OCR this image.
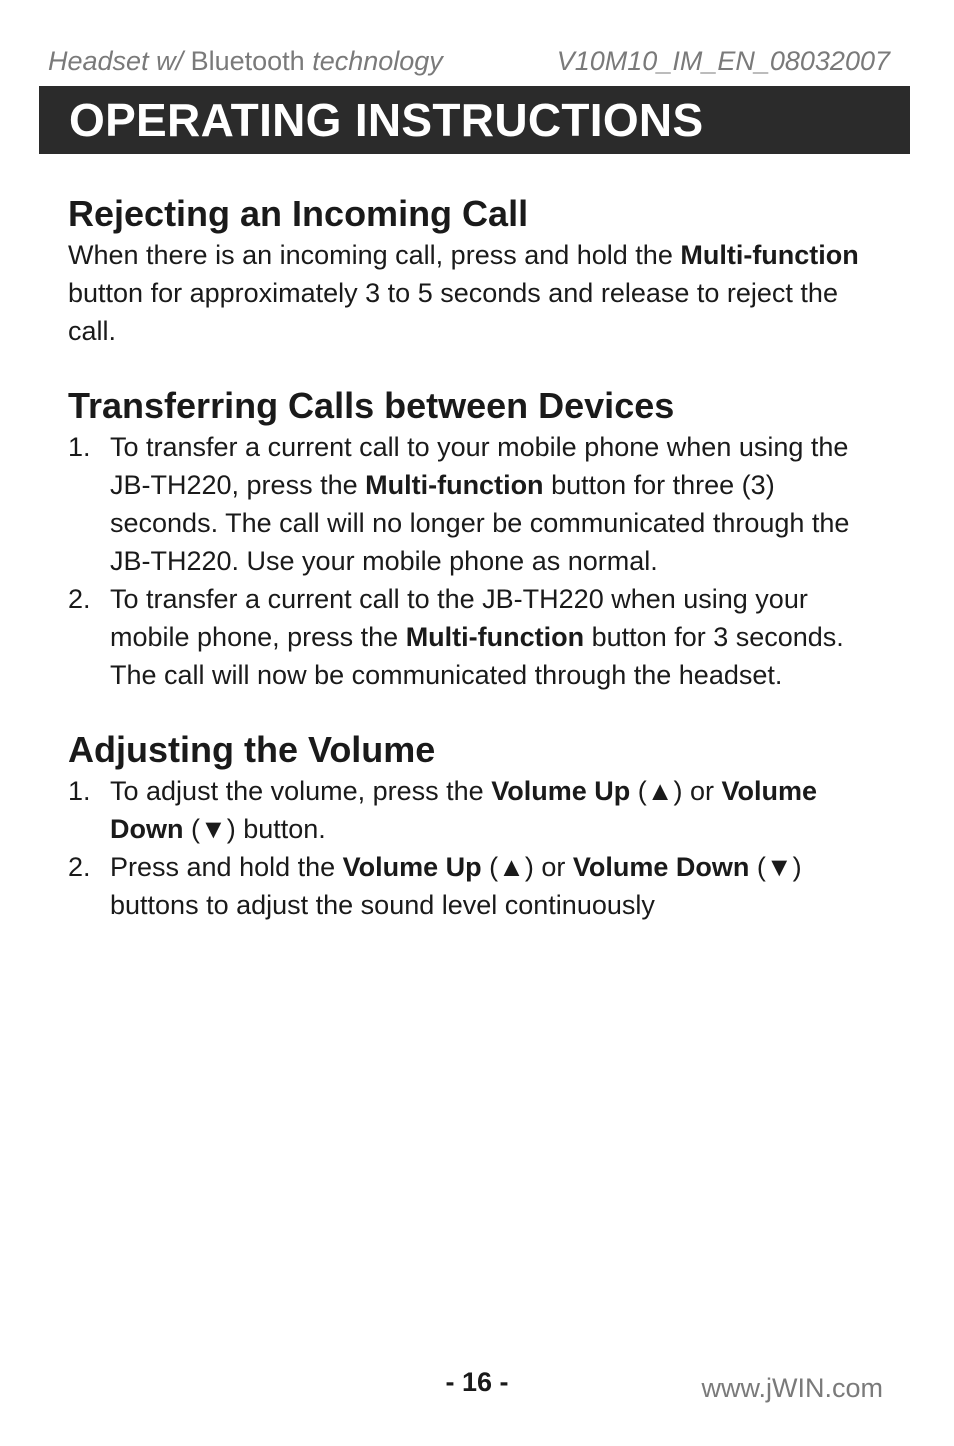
Headset w/ Bluetooth technology	V10M10_IM_EN_08032007
OPERATING INSTRUCTIONS
Rejecting an Incoming Call

When there is an incoming call, press and hold the Multi-function button for approximately 3 to 5 seconds and release to reject the call.

Transferring Calls between Devices
1. To transfer a current call to your mobile phone when using the JB-TH220, press the Multi-function button for three (3) seconds. The call will no longer be communicated through the JB-TH220. Use your mobile phone as normal.
2. To transfer a current call to the JB-TH220 when using your mobile phone, press the Multi-function button for 3 seconds. The call will now be communicated through the headset.
Adjusting the Volume
1. To adjust the volume, press the Volume Up (▲) or Volume Down (▼) button.
2. Press and hold the Volume Up (▲) or Volume Down (▼) buttons to adjust the sound level continuously
- 16 -	www.jWIN.com
